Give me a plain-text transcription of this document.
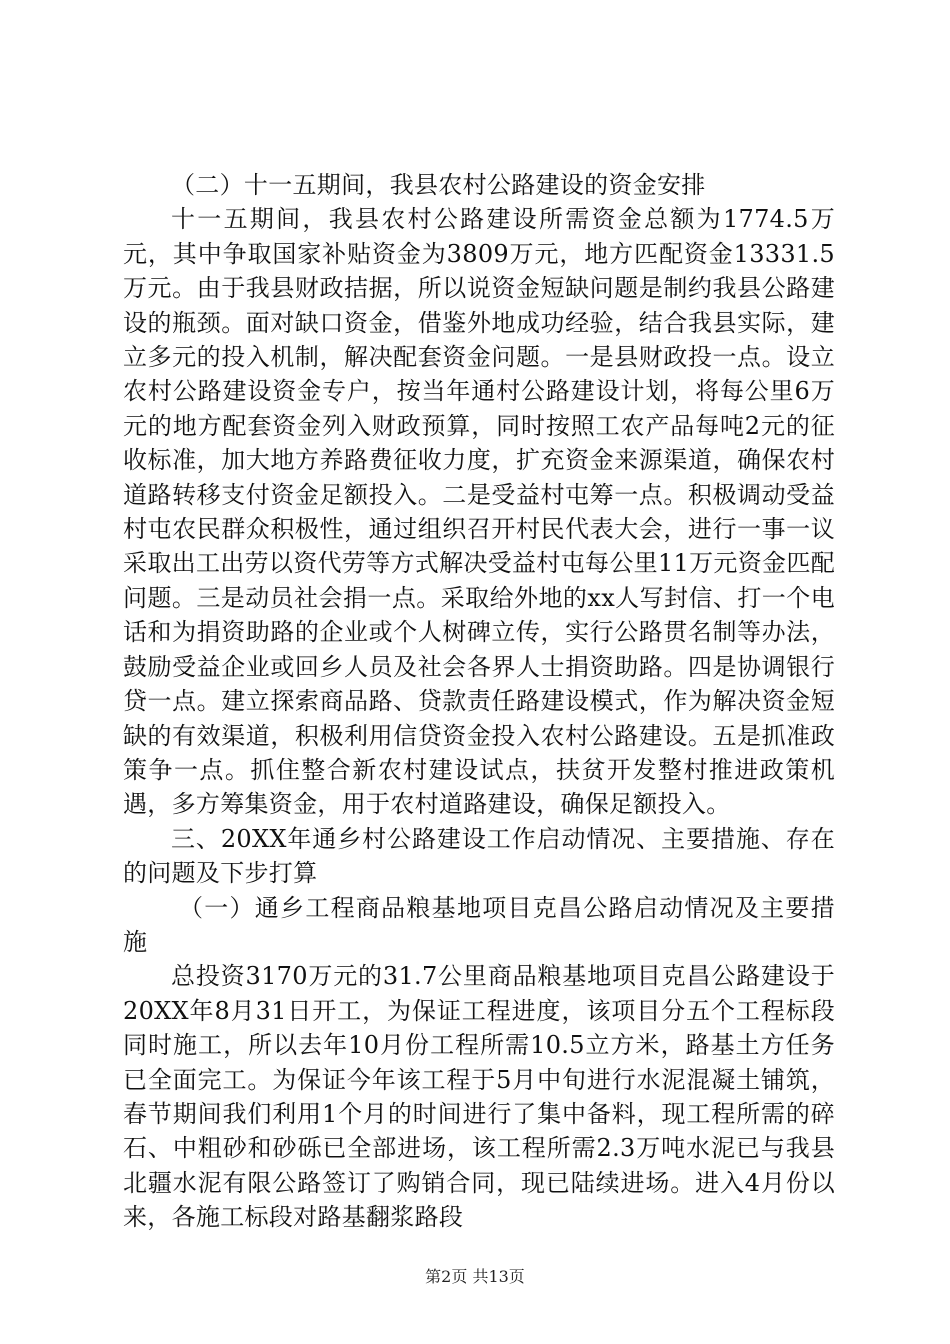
（二）十一五期间，我县农村公路建设的资金安排

十一五期间，我县农村公路建设所需资金总额为1774.5万元，其中争取国家补贴资金为3809万元，地方匹配资金13331.5万元。由于我县财政拮据，所以说资金短缺问题是制约我县公路建设的瓶颈。面对缺口资金，借鉴外地成功经验，结合我县实际，建立多元的投入机制，解决配套资金问题。一是县财政投一点。设立农村公路建设资金专户，按当年通村公路建设计划，将每公里6万元的地方配套资金列入财政预算，同时按照工农产品每吨2元的征收标准，加大地方养路费征收力度，扩充资金来源渠道，确保农村道路转移支付资金足额投入。二是受益村屯筹一点。积极调动受益村屯农民群众积极性，通过组织召开村民代表大会，进行一事一议采取出工出劳以资代劳等方式解决受益村屯每公里11万元资金匹配问题。三是动员社会捐一点。采取给外地的xx人写封信、打一个电话和为捐资助路的企业或个人树碑立传，实行公路贯名制等办法，鼓励受益企业或回乡人员及社会各界人士捐资助路。四是协调银行贷一点。建立探索商品路、贷款责任路建设模式，作为解决资金短缺的有效渠道，积极利用信贷资金投入农村公路建设。五是抓准政策争一点。抓住整合新农村建设试点，扶贫开发整村推进政策机遇，多方筹集资金，用于农村道路建设，确保足额投入。

三、20XX年通乡村公路建设工作启动情况、主要措施、存在的问题及下步打算

（一）通乡工程商品粮基地项目克昌公路启动情况及主要措施

总投资3170万元的31.7公里商品粮基地项目克昌公路建设于20XX年8月31日开工，为保证工程进度，该项目分五个工程标段同时施工，所以去年10月份工程所需10.5立方米，路基土方任务已全面完工。为保证今年该工程于5月中旬进行水泥混凝土铺筑，春节期间我们利用1个月的时间进行了集中备料，现工程所需的碎石、中粗砂和砂砾已全部进场，该工程所需2.3万吨水泥已与我县北疆水泥有限公路签订了购销合同，现已陆续进场。进入4月份以来，各施工标段对路基翻浆路段

第2页 共13页
